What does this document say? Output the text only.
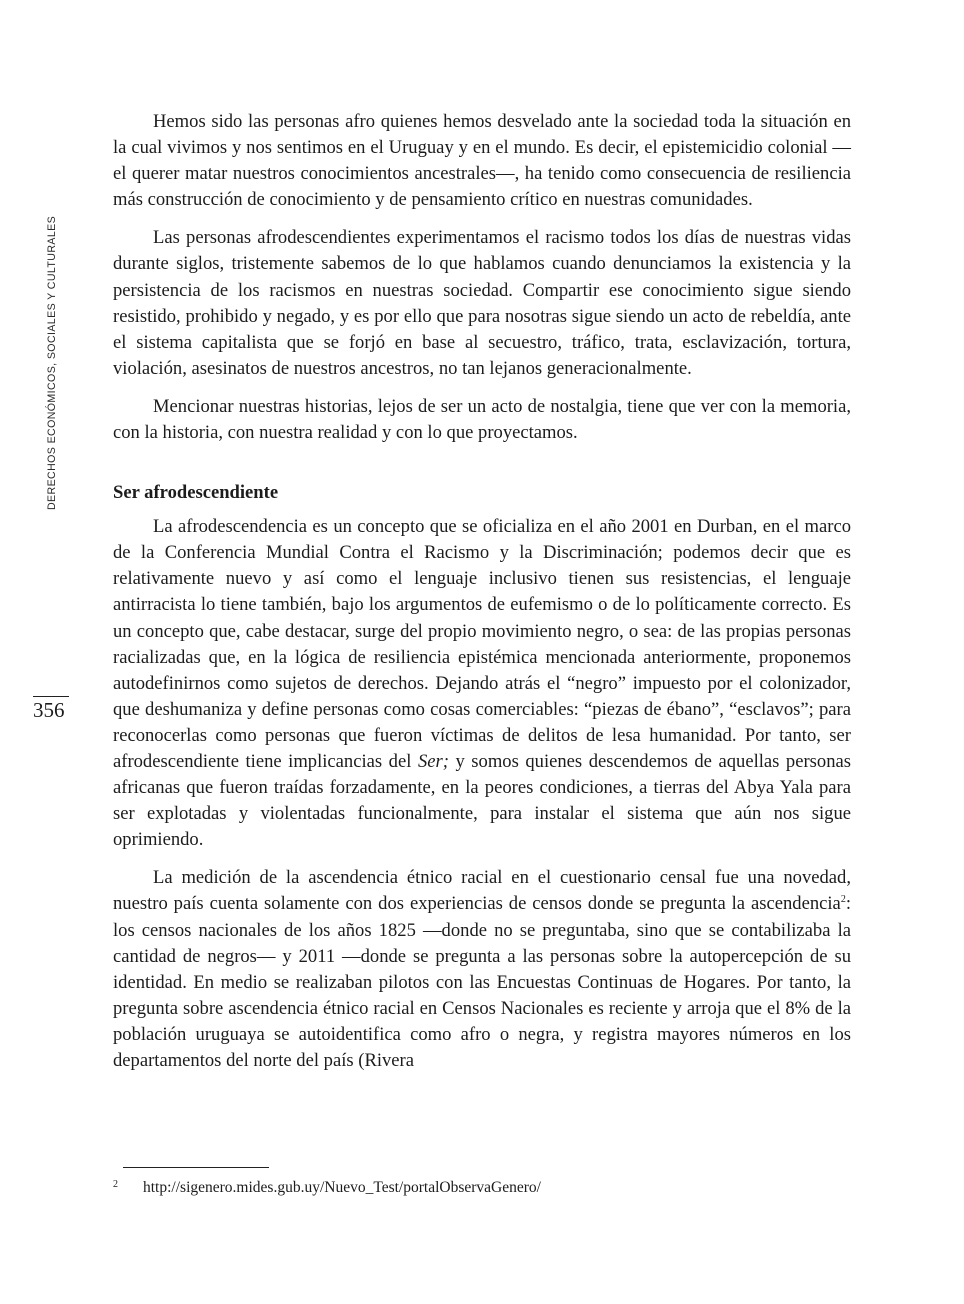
DERECHOS ECONÓMICOS, SOCIALES Y CULTURALES
356

Hemos sido las personas afro quienes hemos desvelado ante la sociedad toda la situación en la cual vivimos y nos sentimos en el Uruguay y en el mundo. Es decir, el epistemicidio colonial —el querer matar nuestros conocimientos ancestrales—, ha tenido como consecuencia de resiliencia más construcción de conocimiento y de pensamiento crítico en nuestras comunidades.

Las personas afrodescendientes experimentamos el racismo todos los días de nuestras vidas durante siglos, tristemente sabemos de lo que hablamos cuando denunciamos la existencia y la persistencia de los racismos en nuestras sociedad. Compartir ese conocimiento sigue siendo resistido, prohibido y negado, y es por ello que para nosotras sigue siendo un acto de rebeldía, ante el sistema capitalista que se forjó en base al secuestro, tráfico, trata, esclavización, tortura, violación, asesinatos de nuestros ancestros, no tan lejanos generacionalmente.

Mencionar nuestras historias, lejos de ser un acto de nostalgia, tiene que ver con la memoria, con la historia, con nuestra realidad y con lo que proyectamos.

Ser afrodescendiente

La afrodescendencia es un concepto que se oficializa en el año 2001 en Durban, en el marco de la Conferencia Mundial Contra el Racismo y la Discriminación; podemos decir que es relativamente nuevo y así como el lenguaje inclusivo tienen sus resistencias, el lenguaje antirracista lo tiene también, bajo los argumentos de eufemismo o de lo políticamente correcto. Es un concepto que, cabe destacar, surge del propio movimiento negro, o sea: de las propias personas racializadas que, en la lógica de resiliencia epistémica mencionada anteriormente, proponemos autodefinirnos como sujetos de derechos. Dejando atrás el “negro” impuesto por el colonizador, que deshumaniza y define personas como cosas comerciables: “piezas de ébano”, “esclavos”; para reconocerlas como personas que fueron víctimas de delitos de lesa humanidad. Por tanto, ser afrodescendiente tiene implicancias del Ser; y somos quienes descendemos de aquellas personas africanas que fueron traídas forzadamente, en la peores condiciones, a tierras del Abya Yala para ser explotadas y violentadas funcionalmente, para instalar el sistema que aún nos sigue oprimiendo.

La medición de la ascendencia étnico racial en el cuestionario censal fue una novedad, nuestro país cuenta solamente con dos experiencias de censos donde se pregunta la ascendencia$^2$: los censos nacionales de los años 1825 —donde no se preguntaba, sino que se contabilizaba la cantidad de negros— y 2011 —donde se pregunta a las personas sobre la autopercepción de su identidad. En medio se realizaban pilotos con las Encuestas Continuas de Hogares. Por tanto, la pregunta sobre ascendencia étnico racial en Censos Nacionales es reciente y arroja que el 8% de la población uruguaya se autoidentifica como afro o negra, y registra mayores números en los departamentos del norte del país (Rivera

2 http://sigenero.mides.gub.uy/Nuevo_Test/portalObservaGenero/
